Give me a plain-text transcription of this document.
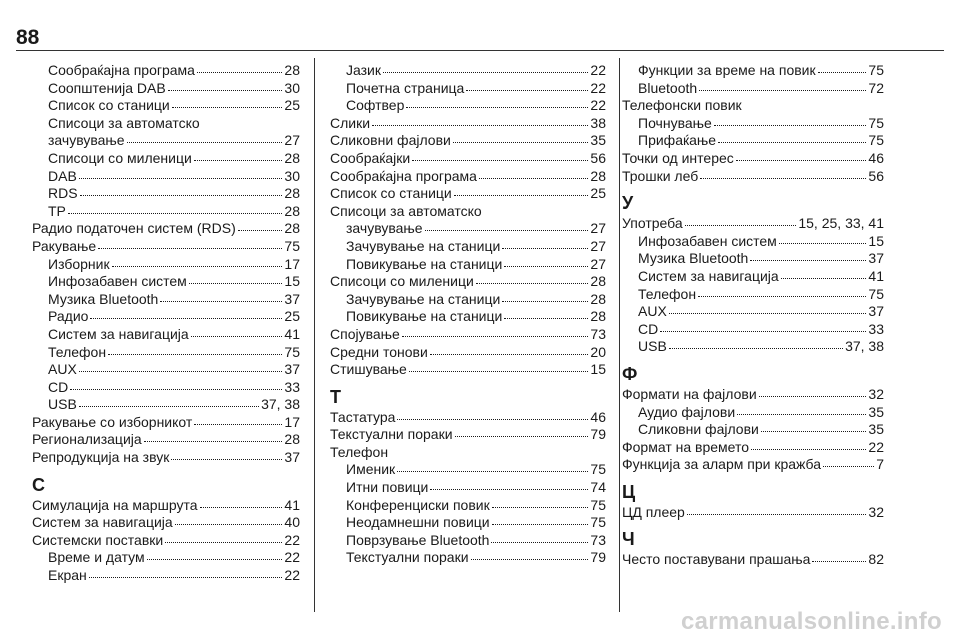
88
Сообраќајна програма	28
Соопштенија DAB	30
Список со станици	25
Списоци за автоматско
зачувување	27
Списоци со миленици	28
DAB	30
RDS	28
TP	28
Радио податочен систем (RDS)	28
Ракување	75
Изборник	17
Инфозабавен систем	15
Музика Bluetooth	37
Радио	25
Систем за навигација	41
Телефон	75
AUX	37
CD	33
USB	37, 38
Ракување со изборникот	17
Регионализација	28
Репродукција на звук	37
С
Симулација на маршрута	41
Систем за навигација	40
Системски поставки	22
Време и датум	22
Екран	22
Јазик	22
Почетна страница	22
Софтвер	22
Слики	38
Сликовни фајлови	35
Сообраќајки	56
Сообраќајна програма	28
Список со станици	25
Списоци за автоматско
зачувување	27
Зачувување на станици	27
Повикување на станици	27
Списоци со миленици	28
Зачувување на станици	28
Повикување на станици	28
Спојување	73
Средни тонови	20
Стишување	15
Т
Тастатура	46
Текстуални пораки	79
Телефон
Именик	75
Итни повици	74
Конференциски повик	75
Неодамнешни повици	75
Поврзување Bluetooth	73
Текстуални пораки	79
Функции за време на повик	75
Bluetooth	72
Телефонски повик
Почнување	75
Прифаќање	75
Точки од интерес	46
Трошки леб	56
У
Употреба	15, 25, 33, 41
Инфозабавен систем	15
Музика Bluetooth	37
Систем за навигација	41
Телефон	75
AUX	37
CD	33
USB	37, 38
Ф
Формати на фајлови	32
Аудио фајлови	35
Сликовни фајлови	35
Формат на времето	22
Функција за аларм при кражба	7
Ц
ЦД плеер	32
Ч
Често поставувани прашања	82
carmanualsonline.info
